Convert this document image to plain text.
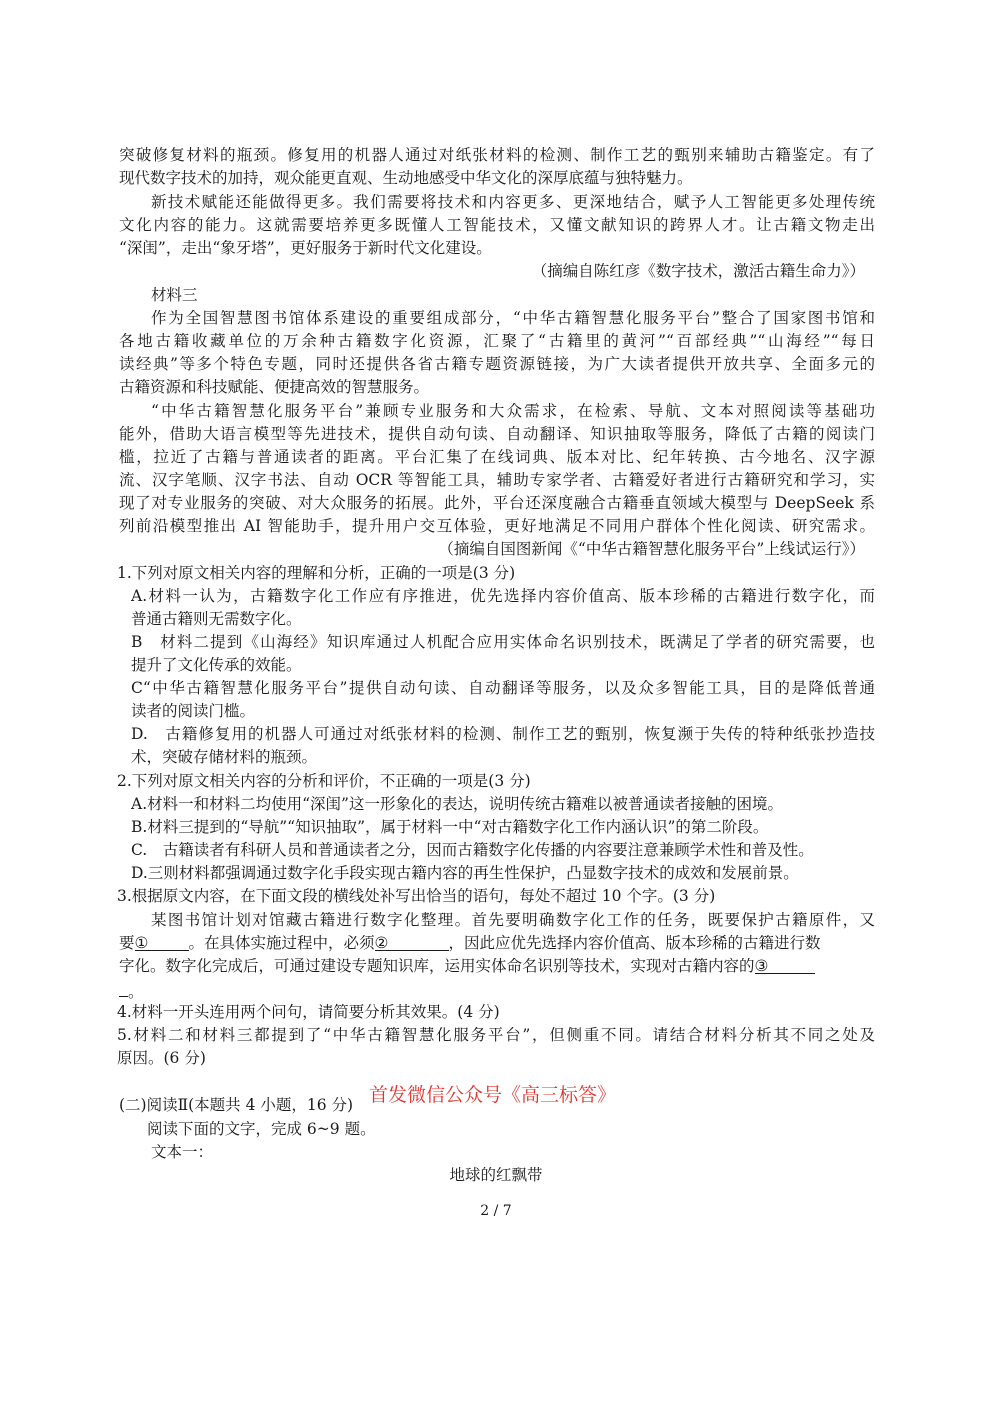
突破修复材料的瓶颈。修复用的机器人通过对纸张材料的检测、制作工艺的甄别来辅助古籍鉴定。有了
现代数字技术的加持，观众能更直观、生动地感受中华文化的深厚底蕴与独特魅力。
新技术赋能还能做得更多。我们需要将技术和内容更多、更深地结合，赋予人工智能更多处理传统
文化内容的能力。这就需要培养更多既懂人工智能技术，又懂文献知识的跨界人才。让古籍文物走出
“深闺”，走出“象牙塔”，更好服务于新时代文化建设。
（摘编自陈红彦《数字技术，激活古籍生命力》）
材料三
作为全国智慧图书馆体系建设的重要组成部分，“中华古籍智慧化服务平台”整合了国家图书馆和
各地古籍收藏单位的万余种古籍数字化资源，汇聚了“古籍里的黄河”“百部经典”“山海经”“每日
读经典”等多个特色专题，同时还提供各省古籍专题资源链接，为广大读者提供开放共享、全面多元的
古籍资源和科技赋能、便捷高效的智慧服务。
“中华古籍智慧化服务平台”兼顾专业服务和大众需求，在检索、导航、文本对照阅读等基础功
能外，借助大语言模型等先进技术，提供自动句读、自动翻译、知识抽取等服务，降低了古籍的阅读门
槛，拉近了古籍与普通读者的距离。平台汇集了在线词典、版本对比、纪年转换、古今地名、汉字源
流、汉字笔顺、汉字书法、自动 OCR 等智能工具，辅助专家学者、古籍爱好者进行古籍研究和学习，实
现了对专业服务的突破、对大众服务的拓展。此外，平台还深度融合古籍垂直领域大模型与 DeepSeek 系
列前沿模型推出 AI 智能助手，提升用户交互体验，更好地满足不同用户群体个性化阅读、研究需求。
（摘编自国图新闻《“中华古籍智慧化服务平台”上线试运行》）
1.下列对原文相关内容的理解和分析，正确的一项是(3 分)
A.材料一认为，古籍数字化工作应有序推进，优先选择内容价值高、版本珍稀的古籍进行数字化，而
普通古籍则无需数字化。
B　材料二提到《山海经》知识库通过人机配合应用实体命名识别技术，既满足了学者的研究需要，也
提升了文化传承的效能。
C“中华古籍智慧化服务平台”提供自动句读、自动翻译等服务，以及众多智能工具，目的是降低普通
读者的阅读门槛。
D.　古籍修复用的机器人可通过对纸张材料的检测、制作工艺的甄别，恢复濒于失传的特种纸张抄造技
术，突破存储材料的瓶颈。
2.下列对原文相关内容的分析和评价，不正确的一项是(3 分)
A.材料一和材料二均使用“深闺”这一形象化的表达，说明传统古籍难以被普通读者接触的困境。
B.材料三提到的“导航”“知识抽取”，属于材料一中“对古籍数字化工作内涵认识”的第二阶段。
C.　古籍读者有科研人员和普通读者之分，因而古籍数字化传播的内容要注意兼顾学术性和普及性。
D.三则材料都强调通过数字化手段实现古籍内容的再生性保护，凸显数字技术的成效和发展前景。
3.根据原文内容，在下面文段的横线处补写出恰当的语句，每处不超过 10 个字。(3 分)
某图书馆计划对馆藏古籍进行数字化整理。首先要明确数字化工作的任务，既要保护古籍原件，又
要①	。在具体实施过程中，必须②	，因此应优先选择内容价值高、版本珍稀的古籍进行数
字化。数字化完成后，可通过建设专题知识库，运用实体命名识别等技术，实现对古籍内容的③
。
4.材料一开头连用两个问句，请简要分析其效果。(4 分)
5.材料二和材料三都提到了“中华古籍智慧化服务平台”，但侧重不同。请结合材料分析其不同之处及
原因。(6 分)
首发微信公众号《高三标答》
(二)阅读Ⅱ(本题共 4 小题，16 分)
阅读下面的文字，完成 6~9 题。
文本一：
地球的红飘带
2 / 7
